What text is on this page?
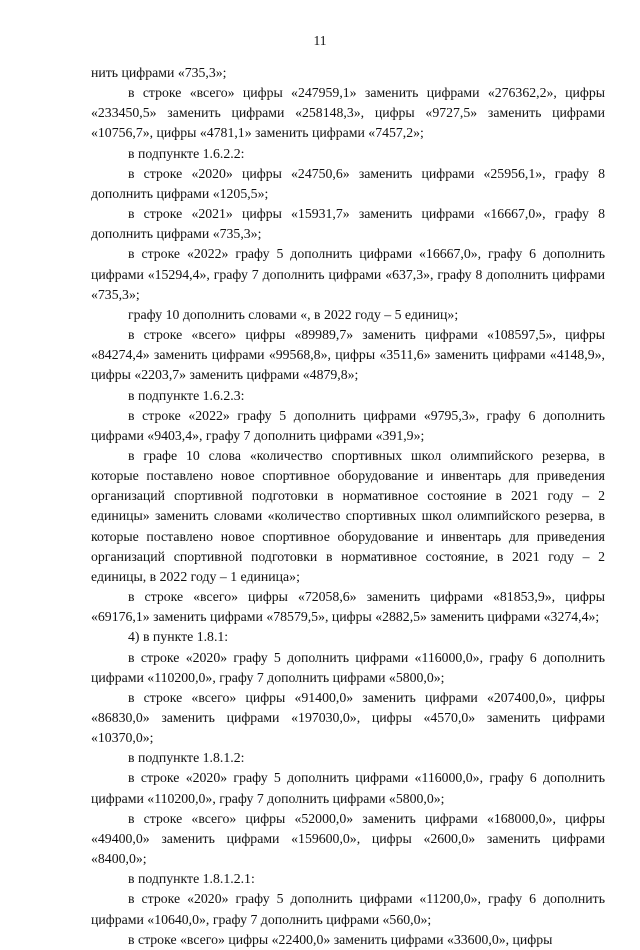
11

нить цифрами «735,3»;

в строке «всего» цифры «247959,1» заменить цифрами «276362,2», цифры «233450,5» заменить цифрами «258148,3», цифры «9727,5» заменить цифрами «10756,7», цифры «4781,1» заменить цифрами «7457,2»;

в подпункте 1.6.2.2:

в строке «2020» цифры «24750,6» заменить цифрами «25956,1», графу 8 дополнить цифрами «1205,5»;

в строке «2021» цифры «15931,7» заменить цифрами «16667,0», графу 8 дополнить цифрами «735,3»;

в строке «2022» графу 5 дополнить цифрами «16667,0», графу 6 дополнить цифрами «15294,4», графу 7 дополнить цифрами «637,3», графу 8 дополнить цифрами «735,3»;

графу 10 дополнить словами «, в 2022 году – 5 единиц»;

в строке «всего» цифры «89989,7» заменить цифрами «108597,5», цифры «84274,4» заменить цифрами «99568,8», цифры «3511,6» заменить цифрами «4148,9», цифры «2203,7» заменить цифрами «4879,8»;

в подпункте 1.6.2.3:

в строке «2022» графу 5 дополнить цифрами «9795,3», графу 6 дополнить цифрами «9403,4», графу 7 дополнить цифрами «391,9»;

в графе 10 слова «количество спортивных школ олимпийского резерва, в которые поставлено новое спортивное оборудование и инвентарь для приведения организаций спортивной подготовки в нормативное состояние в 2021 году – 2 единицы» заменить словами «количество спортивных школ олимпийского резерва, в которые поставлено новое спортивное оборудование и инвентарь для приведения организаций спортивной подготовки в нормативное состояние, в 2021 году – 2 единицы, в 2022 году – 1 единица»;

в строке «всего» цифры «72058,6» заменить цифрами «81853,9», цифры «69176,1» заменить цифрами «78579,5», цифры «2882,5» заменить цифрами «3274,4»;

4) в пункте 1.8.1:

в строке «2020» графу 5 дополнить цифрами «116000,0», графу 6 дополнить цифрами «110200,0», графу 7 дополнить цифрами «5800,0»;

в строке «всего» цифры «91400,0» заменить цифрами «207400,0», цифры «86830,0» заменить цифрами «197030,0», цифры «4570,0» заменить цифрами «10370,0»;

в подпункте 1.8.1.2:

в строке «2020» графу 5 дополнить цифрами «116000,0», графу 6 дополнить цифрами «110200,0», графу 7 дополнить цифрами «5800,0»;

в строке «всего» цифры «52000,0» заменить цифрами «168000,0», цифры «49400,0» заменить цифрами «159600,0», цифры «2600,0» заменить цифрами «8400,0»;

в подпункте 1.8.1.2.1:

в строке «2020» графу 5 дополнить цифрами «11200,0», графу 6 дополнить цифрами «10640,0», графу 7 дополнить цифрами «560,0»;

в строке «всего» цифры «22400,0» заменить цифрами «33600,0», цифры
